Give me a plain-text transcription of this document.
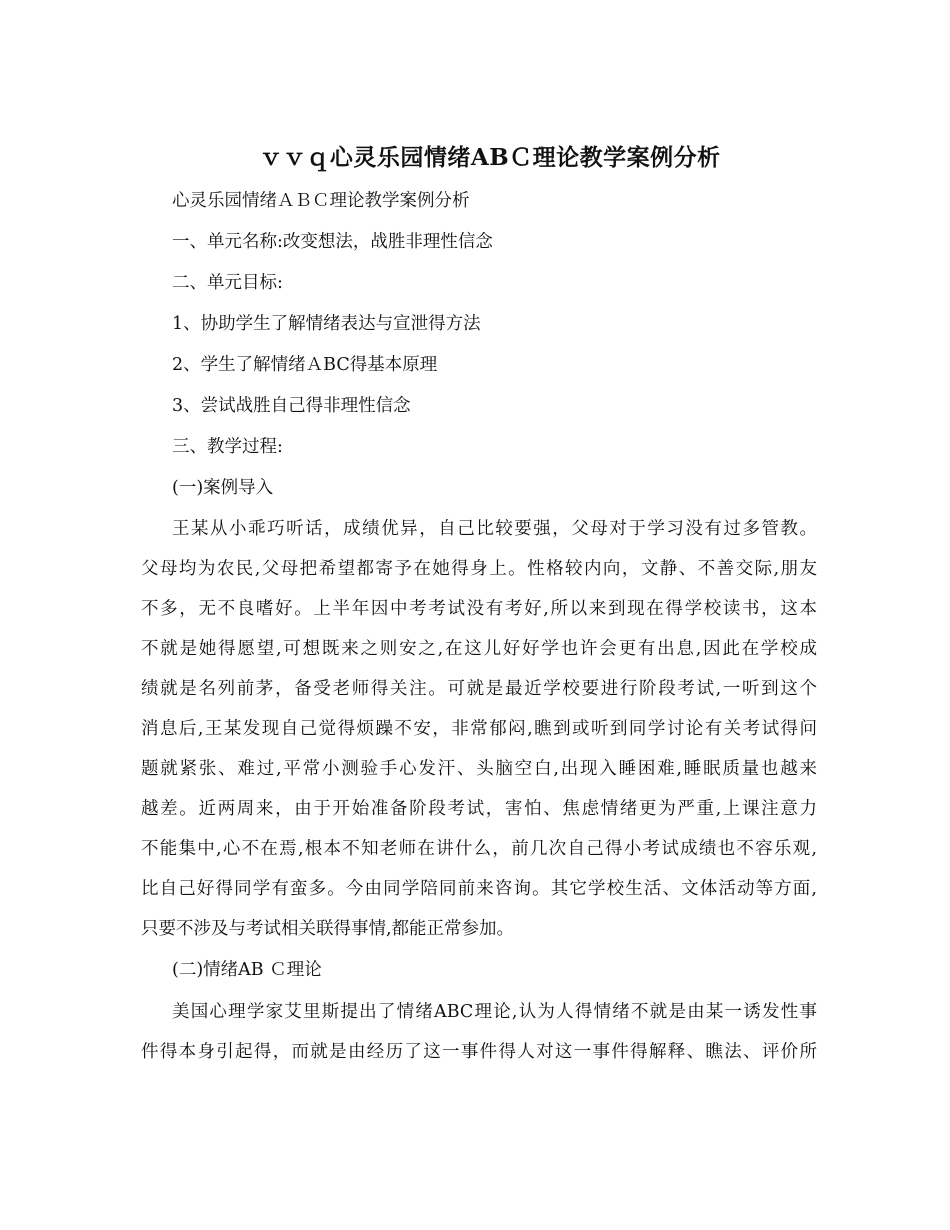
ｖｖｑ心灵乐园情绪ABＣ理论教学案例分析
心灵乐园情绪ＡＢＣ理论教学案例分析
一、单元名称:改变想法，战胜非理性信念
二、单元目标:
1、协助学生了解情绪表达与宣泄得方法
2、学生了解情绪ＡBC得基本原理
3、尝试战胜自己得非理性信念
三、教学过程:
(一)案例导入
王某从小乖巧听话，成绩优异，自己比较要强，父母对于学习没有过多管教。
父母均为农民,父母把希望都寄予在她得身上。性格较内向，文静、不善交际,朋友
不多，无不良嗜好。上半年因中考考试没有考好,所以来到现在得学校读书，这本
不就是她得愿望,可想既来之则安之,在这儿好好学也许会更有出息,因此在学校成
绩就是名列前茅，备受老师得关注。可就是最近学校要进行阶段考试,一听到这个
消息后,王某发现自己觉得烦躁不安，非常郁闷,瞧到或听到同学讨论有关考试得问
题就紧张、难过,平常小测验手心发汗、头脑空白,出现入睡困难,睡眠质量也越来
越差。近两周来，由于开始准备阶段考试，害怕、焦虑情绪更为严重,上课注意力
不能集中,心不在焉,根本不知老师在讲什么，前几次自己得小考试成绩也不容乐观,
比自己好得同学有蛮多。今由同学陪同前来咨询。其它学校生活、文体活动等方面,
只要不涉及与考试相关联得事情,都能正常参加。
(二)情绪AB Ｃ理论
美国心理学家艾里斯提出了情绪ABC理论,认为人得情绪不就是由某一诱发性事
件得本身引起得，而就是由经历了这一事件得人对这一事件得解释、瞧法、评价所
